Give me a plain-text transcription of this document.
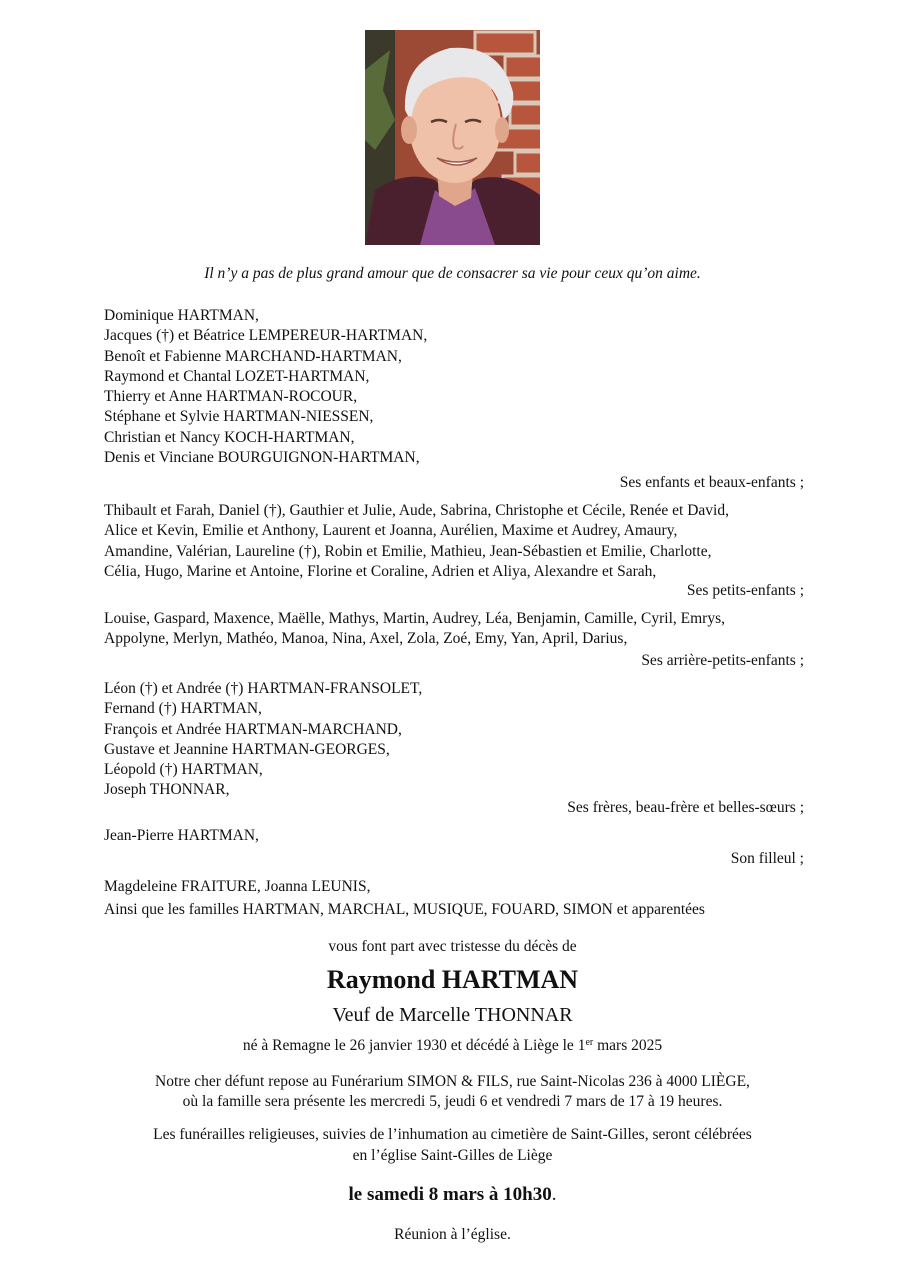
Il n’y a pas de plus grand amour que de consacrer sa vie pour ceux qu’on aime.
Dominique HARTMAN,
Jacques (†) et Béatrice LEMPEREUR-HARTMAN,
Benoît et Fabienne MARCHAND-HARTMAN,
Raymond et Chantal LOZET-HARTMAN,
Thierry et Anne HARTMAN-ROCOUR,
Stéphane et Sylvie HARTMAN-NIESSEN,
Christian et Nancy KOCH-HARTMAN,
Denis et Vinciane BOURGUIGNON-HARTMAN,
Ses enfants et beaux-enfants ;
Thibault et Farah, Daniel (†), Gauthier et Julie, Aude, Sabrina, Christophe et Cécile, Renée et David,
Alice et Kevin, Emilie et Anthony, Laurent et Joanna, Aurélien, Maxime et Audrey, Amaury,
Amandine, Valérian, Laureline (†), Robin et Emilie, Mathieu, Jean-Sébastien et Emilie, Charlotte,
Célia, Hugo, Marine et Antoine, Florine et Coraline, Adrien et Aliya, Alexandre et Sarah,
Ses petits-enfants ;
Louise, Gaspard, Maxence, Maëlle, Mathys, Martin, Audrey, Léa, Benjamin, Camille, Cyril, Emrys,
Appolyne, Merlyn, Mathéo, Manoa, Nina, Axel, Zola, Zoé, Emy, Yan, April, Darius,
Ses arrière-petits-enfants ;
Léon (†) et Andrée (†) HARTMAN-FRANSOLET,
Fernand (†) HARTMAN,
François et Andrée HARTMAN-MARCHAND,
Gustave et Jeannine HARTMAN-GEORGES,
Léopold (†) HARTMAN,
Joseph THONNAR,
Ses frères, beau-frère et belles-sœurs ;
Jean-Pierre HARTMAN,
Son filleul ;
Magdeleine FRAITURE, Joanna LEUNIS,
Ainsi que les familles HARTMAN, MARCHAL, MUSIQUE, FOUARD, SIMON et apparentées
vous font part avec tristesse du décès de
Raymond HARTMAN
Veuf de Marcelle THONNAR
né à Remagne le 26 janvier 1930 et décédé à Liège le 1er mars 2025
Notre cher défunt repose au Funérarium SIMON & FILS, rue Saint-Nicolas 236 à 4000 LIÈGE,
où la famille sera présente les mercredi 5, jeudi 6 et vendredi 7 mars de 17 à 19 heures.
Les funérailles religieuses, suivies de l’inhumation au cimetière de Saint-Gilles, seront célébrées
en l’église Saint-Gilles de Liège
le samedi 8 mars à 10h30.
Réunion à l’église.
